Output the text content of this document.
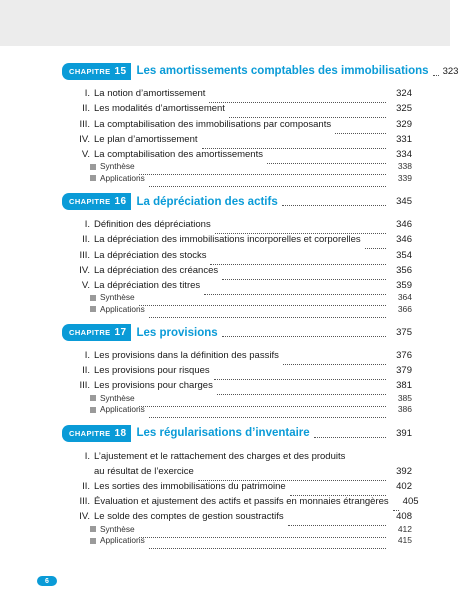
CHAPITRE 15 Les amortissements comptables des immobilisations 323
I. La notion d’amortissement	324
II. Les modalités d’amortissement	325
III. La comptabilisation des immobilisations par composants	329
IV. Le plan d’amortissement	331
V. La comptabilisation des amortissements	334
Synthèse	338
Applications	339
CHAPITRE 16 La dépréciation des actifs	345
I. Définition des dépréciations	346
II. La dépréciation des immobilisations incorporelles et corporelles	346
III. La dépréciation des stocks	354
IV. La dépréciation des créances	356
V. La dépréciation des titres	359
Synthèse	364
Applications	366
CHAPITRE 17 Les provisions	375
I. Les provisions dans la définition des passifs	376
II. Les provisions pour risques	379
III. Les provisions pour charges	381
Synthèse	385
Applications	386
CHAPITRE 18 Les régularisations d’inventaire	391
I. L’ajustement et le rattachement des charges et des produits
au résultat de l’exercice	392
II. Les sorties des immobilisations du patrimoine	402
III. Évaluation et ajustement des actifs et passifs en monnaies étrangères 405
IV. Le solde des comptes de gestion soustractifs	408
Synthèse	412
Applications	415
6
